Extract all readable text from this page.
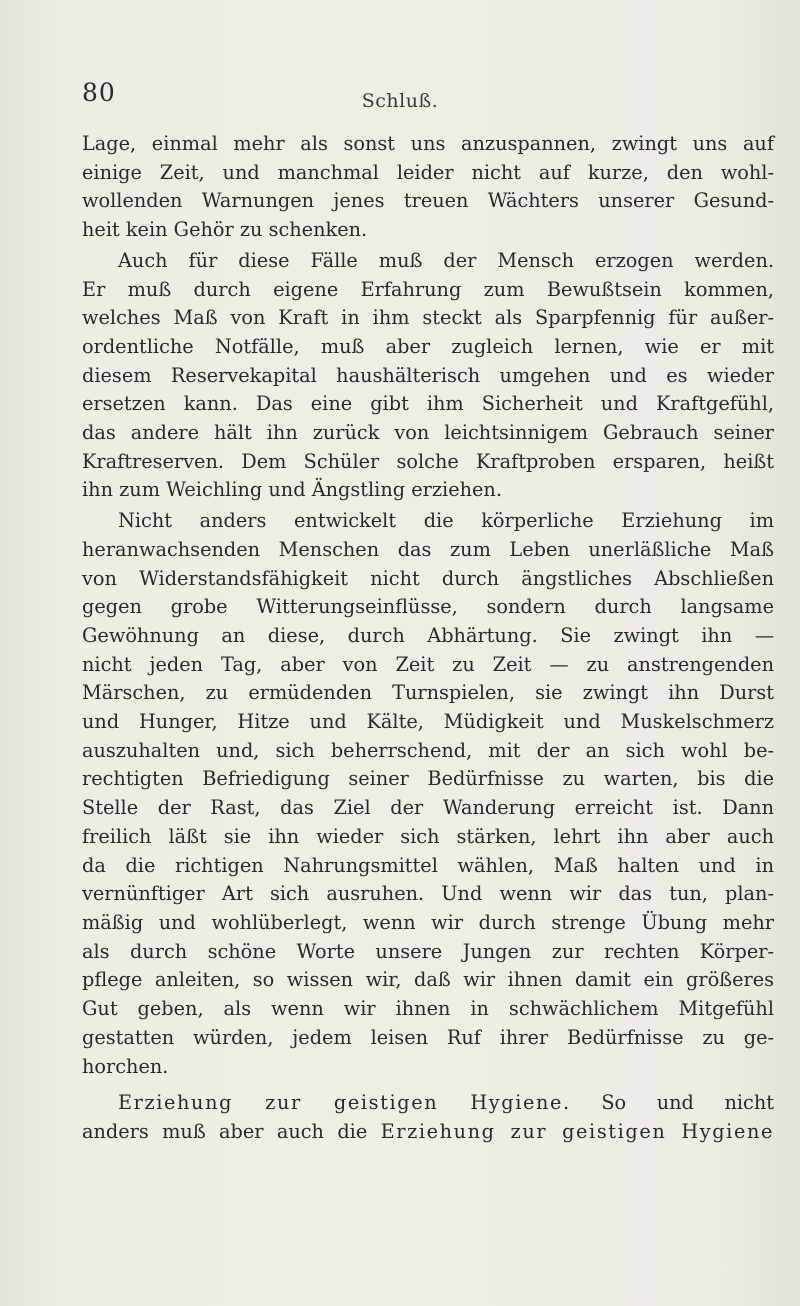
80	Schluß.
Lage, einmal mehr als sonst uns anzuspannen, zwingt uns auf
einige Zeit, und manchmal leider nicht auf kurze, den wohl-
wollenden Warnungen jenes treuen Wächters unserer Gesund-
heit kein Gehör zu schenken.
Auch für diese Fälle muß der Mensch erzogen werden.
Er muß durch eigene Erfahrung zum Bewußtsein kommen,
welches Maß von Kraft in ihm steckt als Sparpfennig für außer-
ordentliche Notfälle, muß aber zugleich lernen, wie er mit
diesem Reservekapital haushälterisch umgehen und es wieder
ersetzen kann. Das eine gibt ihm Sicherheit und Kraftgefühl,
das andere hält ihn zurück von leichtsinnigem Gebrauch seiner
Kraftreserven. Dem Schüler solche Kraftproben ersparen, heißt
ihn zum Weichling und Ängstling erziehen.
Nicht anders entwickelt die körperliche Erziehung im
heranwachsenden Menschen das zum Leben unerläßliche Maß
von Widerstandsfähigkeit nicht durch ängstliches Abschließen
gegen grobe Witterungseinflüsse, sondern durch langsame
Gewöhnung an diese, durch Abhärtung. Sie zwingt ihn —
nicht jeden Tag, aber von Zeit zu Zeit — zu anstrengenden
Märschen, zu ermüdenden Turnspielen, sie zwingt ihn Durst
und Hunger, Hitze und Kälte, Müdigkeit und Muskelschmerz
auszuhalten und, sich beherrschend, mit der an sich wohl be-
rechtigten Befriedigung seiner Bedürfnisse zu warten, bis die
Stelle der Rast, das Ziel der Wanderung erreicht ist. Dann
freilich läßt sie ihn wieder sich stärken, lehrt ihn aber auch
da die richtigen Nahrungsmittel wählen, Maß halten und in
vernünftiger Art sich ausruhen. Und wenn wir das tun, plan-
mäßig und wohlüberlegt, wenn wir durch strenge Übung mehr
als durch schöne Worte unsere Jungen zur rechten Körper-
pflege anleiten, so wissen wir, daß wir ihnen damit ein größeres
Gut geben, als wenn wir ihnen in schwächlichem Mitgefühl
gestatten würden, jedem leisen Ruf ihrer Bedürfnisse zu ge-
horchen.
Erziehung zur geistigen Hygiene. So und nicht
anders muß aber auch die Erziehung zur geistigen Hygiene
